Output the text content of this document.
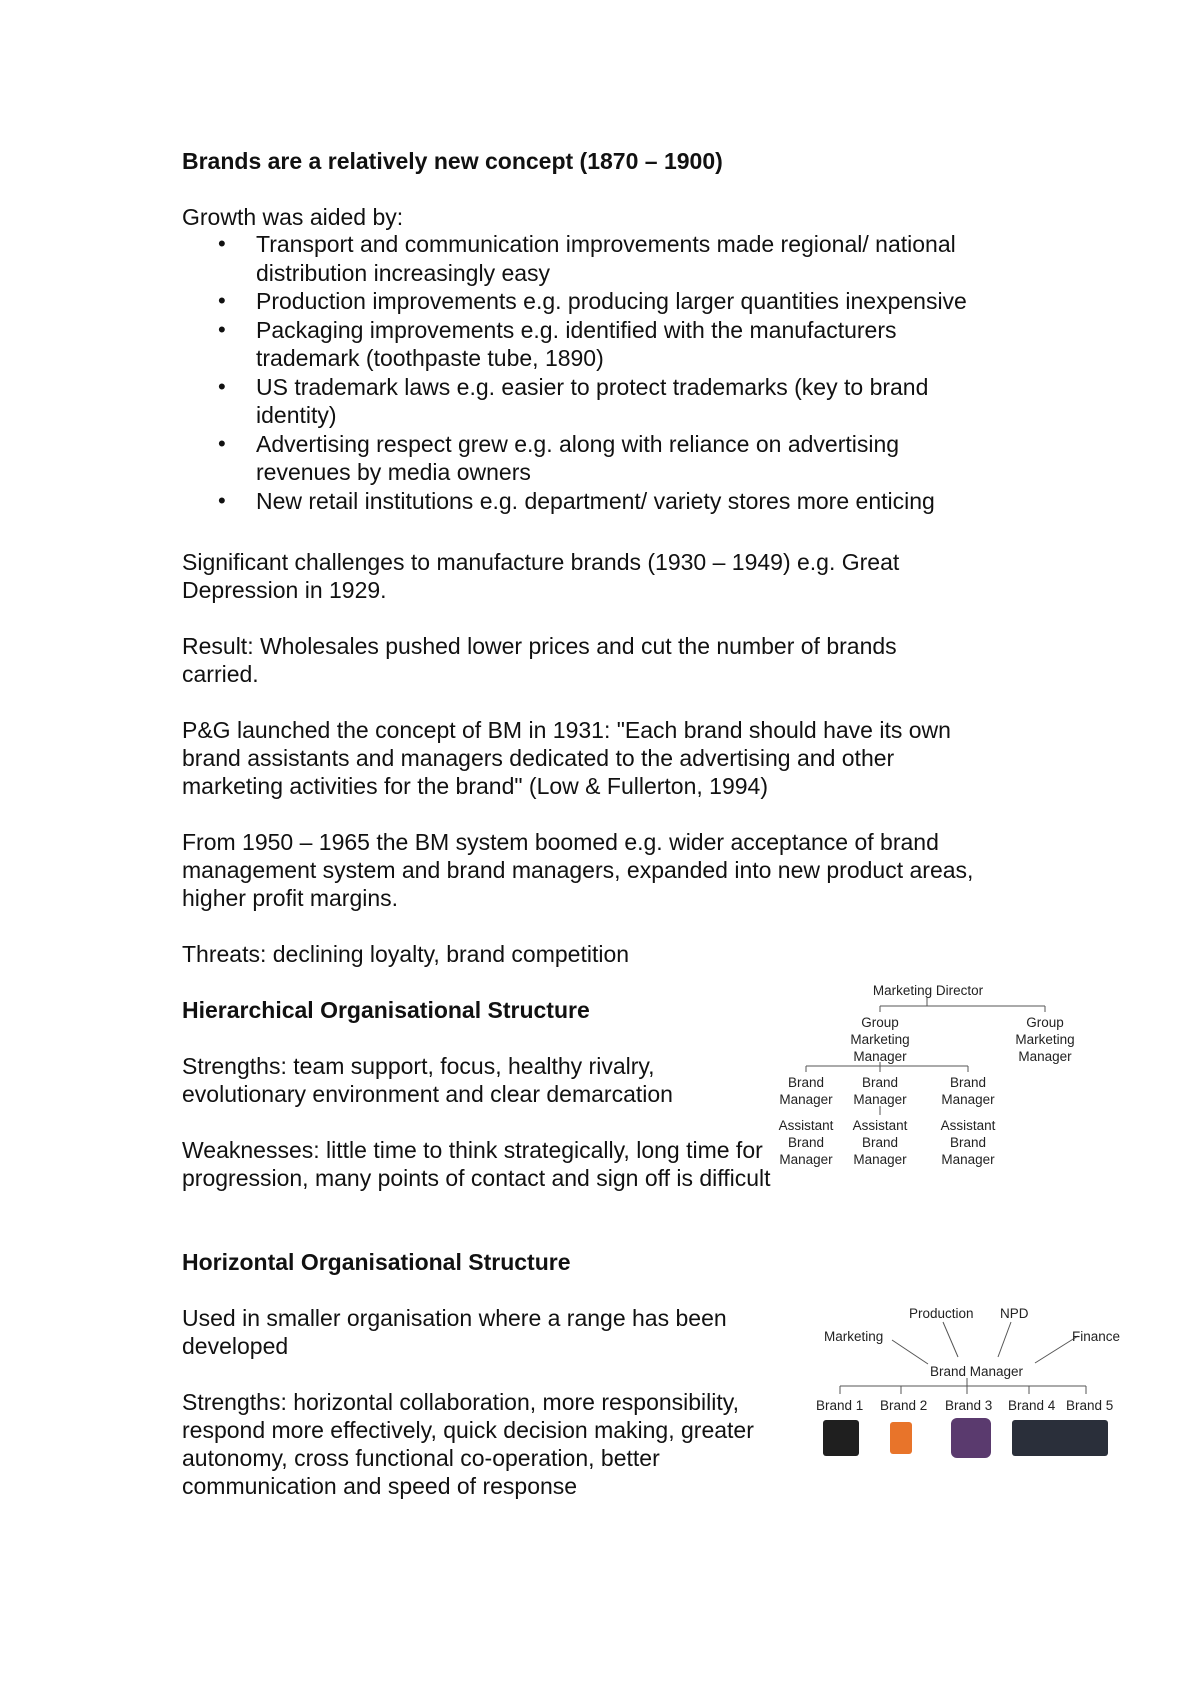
Brands are a relatively new concept (1870 – 1900)

Growth was aided by:

• Transport and communication improvements made regional/ national distribution increasingly easy
• Production improvements e.g. producing larger quantities inexpensive
• Packaging improvements e.g. identified with the manufacturers trademark (toothpaste tube, 1890)
• US trademark laws e.g. easier to protect trademarks (key to brand identity)
• Advertising respect grew e.g. along with reliance on advertising revenues by media owners
• New retail institutions e.g. department/ variety stores more enticing

Significant challenges to manufacture brands (1930 – 1949) e.g. Great Depression in 1929.

Result: Wholesales pushed lower prices and cut the number of brands carried.

P&G launched the concept of BM in 1931: "Each brand should have its own brand assistants and managers dedicated to the advertising and other marketing activities for the brand" (Low & Fullerton, 1994)

From 1950 – 1965 the BM system boomed e.g. wider acceptance of brand management system and brand managers, expanded into new product areas, higher profit margins.

Threats: declining loyalty, brand competition

Hierarchical Organisational Structure

Strengths: team support, focus, healthy rivalry, evolutionary environment and clear demarcation

Weaknesses: little time to think strategically, long time for progression, many points of contact and sign off is difficult

Marketing Director
Group Marketing Manager
Group Marketing Manager
Brand Manager
Brand Manager
Brand Manager
Assistant Brand Manager
Assistant Brand Manager
Assistant Brand Manager

Horizontal Organisational Structure

Used in smaller organisation where a range has been developed

Strengths: horizontal collaboration, more responsibility, respond more effectively, quick decision making, greater autonomy, cross functional co-operation, better communication and speed of response

Marketing
Production NPD
Finance
Brand Manager
Brand 1 Brand 2 Brand 3 Brand 4 Brand 5
